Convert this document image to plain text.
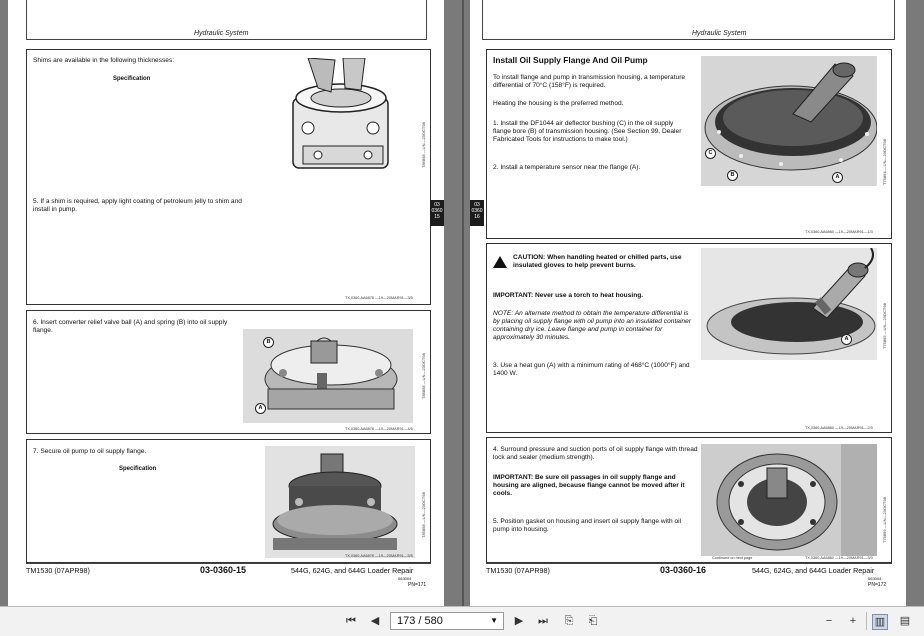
Hydraulic System
Shims are available in the following thicknesses:
Specification
5. If a shim is required, apply light coating of petroleum jelly to shim and install in pump.
T85858 —UN—23OCT98
TX,0360,AA6878 —19—20MAR91—3/5
6. Insert converter relief valve ball (A) and spring (B) into oil supply flange.
B
A
T85858 —UN—23OCT98
TX,0360,AA6878 —19—20MAR91—4/5
7. Secure oil pump to oil supply flange.
Specification
T85858 —UN—23OCT98
TX,0360,AA6878 —19—20MAR91—5/5
03
0360
15
TM1530 (07APR98)	03-0360-15	544G, 624G, and 644G Loader Repair
063004
PN=171
Hydraulic System
03
0360
16
Install Oil Supply Flange And Oil Pump
To install flange and pump in transmission housing, a temperature differential of 70°C (158°F) is required.
Heating the housing is the preferred method.
1. Install the DF1044 air deflector bushing (C) in the oil supply flange bore (B) of transmission housing. (See Section 99, Dealer Fabricated Tools for instructions to make tool.)
2. Install a temperature sensor near the flange (A).
C
B	A	T75894 —UN—23OCT98
TX,0360,AA6860 —19—20MAR91—1/3
CAUTION: When handling heated or chilled parts, use insulated gloves to help prevent burns.
IMPORTANT: Never use a torch to heat housing.
NOTE: An alternate method to obtain the temperature differential is by placing oil supply flange with oil pump into an insulated container containing dry ice. Leave flange and pump in container for approximately 30 minutes.
3. Use a heat gun (A) with a minimum rating of 468°C (1000°F) and 1400 W.
A	T75895 —UN—23OCT98
TX,0360,AA6860 —19—20MAR91—2/3
4. Surround pressure and suction ports of oil supply flange with thread lock and sealer (medium strength).
IMPORTANT: Be sure oil passages in oil supply flange and housing are aligned, because flange cannot be moved after it cools.
5. Position gasket on housing and insert oil supply flange with oil pump into housing.	T75899 —UN—23OCT98
TX,0360,AA6860 —19—20MAR91—3/3
Continued on next page
TM1530 (07APR98)	03-0360-16	544G, 624G, and 644G Loader Repair
063004
PN=172
⏮ ◀	173 / 580	▼ ▶ ⏭ ⎘ ⎗	−	+	▥ ▤
